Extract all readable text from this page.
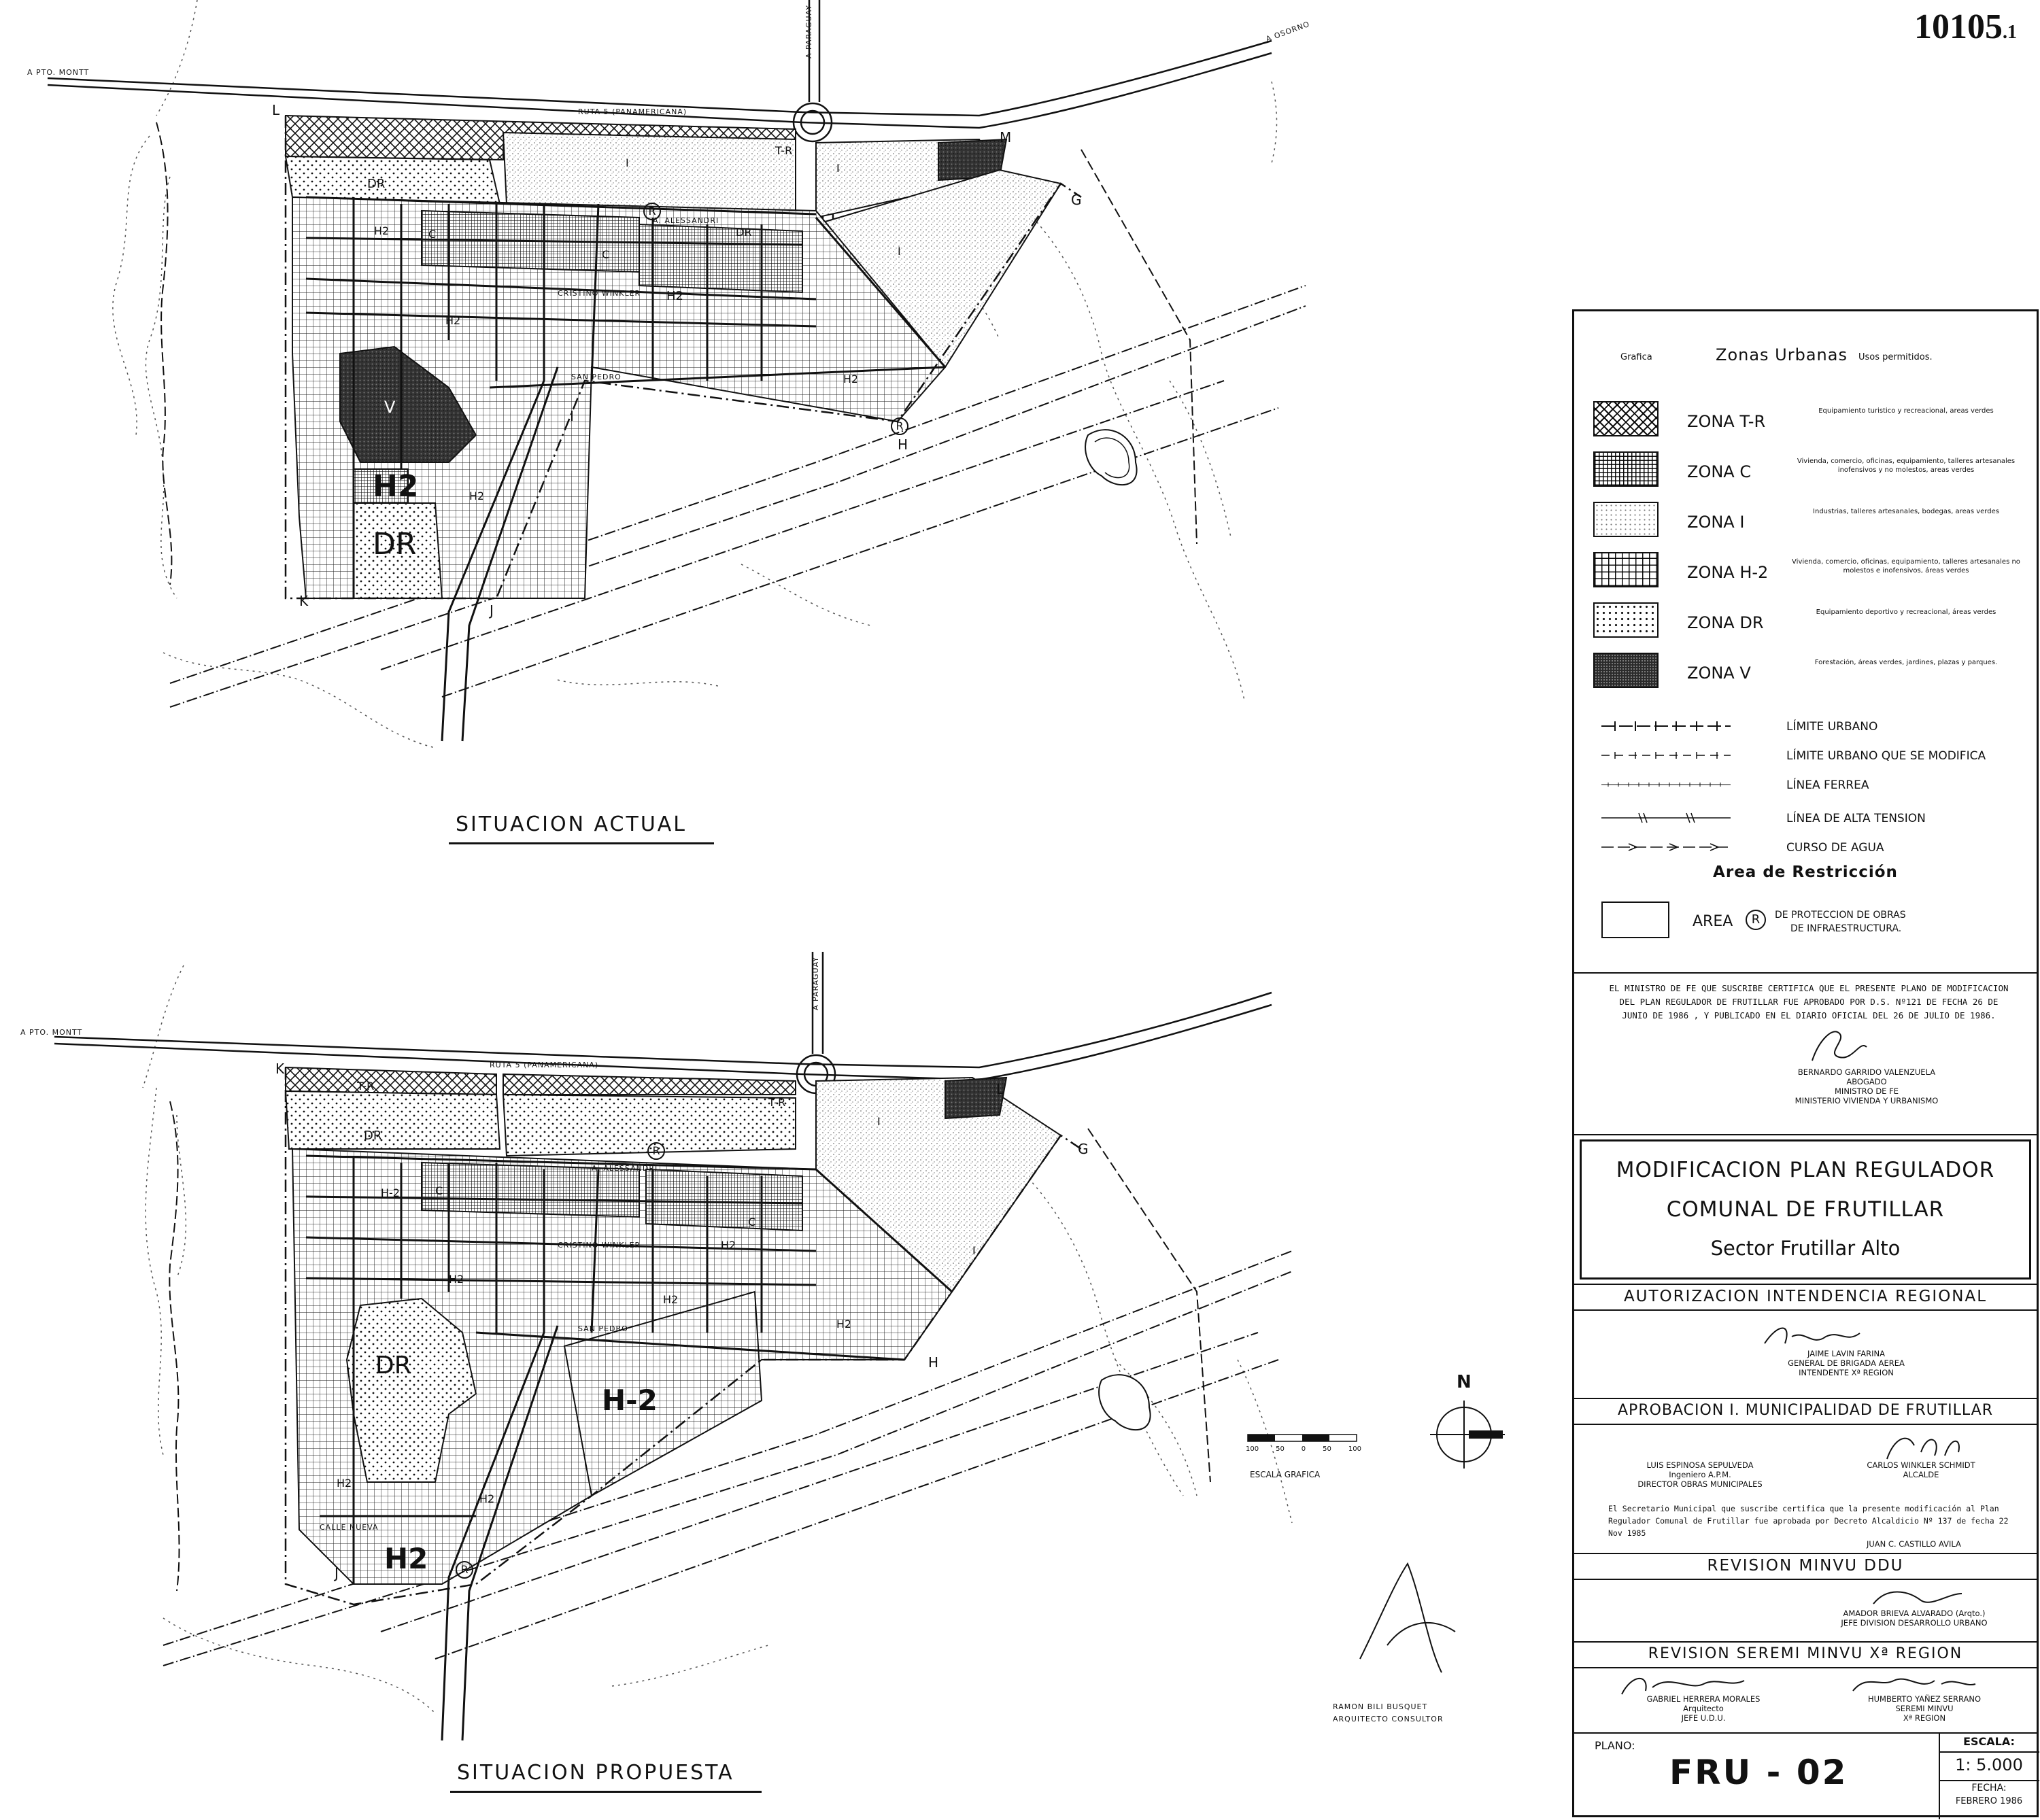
10105.1
A PTO. MONTT
A OSORNO
A PARAGUAY
RUTA 5 (PANAMERICANA)
A. ALESSANDRI
CRISTINO WINKLER
SAN PEDRO
L
M
G
H
K
J
I
T-R
I	I
I
DR
DR
H2
H2
H2
H2
H2
C
C
V
H2
DR
R
R
SITUACION ACTUAL
A PTO. MONTT
A PARAGUAY
RUTA 5 (PANAMERICANA)
A. ALESSANDRI
CRISTINO WINKLER
SAN PEDRO
CALLE NUEVA
K
L
G
H
J
T-R
T-R
I
I
DR
H-2
H2
H2
H2
H2
H2
H2
C
C
DR
H-2
H2
R
R
SITUACION PROPUESTA
N
100 50 0 50 100
ESCALA GRAFICA
RAMON BILI BUSQUET
ARQUITECTO CONSULTOR
Grafica	Zonas Urbanas Usos permitidos.
ZONA T-R
Equipamiento turistico y recreacional, areas verdes
ZONA C
Vivienda, comercio, oficinas, equipamiento, talleres artesanales inofensivos y no molestos, areas verdes
ZONA I
Industrias, talleres artesanales, bodegas, areas verdes
ZONA H-2
Vivienda, comercio, oficinas, equipamiento, talleres artesanales no molestos e inofensivos, áreas verdes
ZONA DR
Equipamiento deportivo y recreacional, áreas verdes
ZONA V
Forestación, áreas verdes, jardines, plazas y parques.
LÍMITE URBANO
LÍMITE URBANO QUE SE MODIFICA
LÍNEA FERREA
LÍNEA DE ALTA TENSION
CURSO DE AGUA
Area de Restricción
AREA	R	DE PROTECCION DE OBRAS
DE INFRAESTRUCTURA.
EL MINISTRO DE FE QUE SUSCRIBE CERTIFICA QUE EL PRESENTE PLANO DE MODIFICACION DEL PLAN REGULADOR DE FRUTILLAR FUE APROBADO POR D.S. Nº121 DE FECHA 26 DE JUNIO DE 1986 , Y PUBLICADO EN EL DIARIO OFICIAL DEL 26 DE JULIO DE 1986.
BERNARDO GARRIDO VALENZUELA
ABOGADO
MINISTRO DE FE
MINISTERIO VIVIENDA Y URBANISMO
MODIFICACION PLAN REGULADOR
COMUNAL DE FRUTILLAR
Sector Frutillar Alto
AUTORIZACION INTENDENCIA REGIONAL
JAIME LAVIN FARINA
GENERAL DE BRIGADA AEREA
INTENDENTE Xª REGION
APROBACION I. MUNICIPALIDAD DE FRUTILLAR
LUIS ESPINOSA SEPULVEDA
Ingeniero A.P.M.
DIRECTOR OBRAS MUNICIPALES
CARLOS WINKLER SCHMIDT
ALCALDE
El Secretario Municipal que suscribe certifica que la presente modificación al Plan Regulador Comunal de Frutillar fue aprobada por Decreto Alcaldicio Nº 137 de fecha 22 Nov 1985
JUAN C. CASTILLO AVILA
REVISION MINVU DDU
AMADOR BRIEVA ALVARADO (Arqto.)
JEFE DIVISION DESARROLLO URBANO
REVISION SEREMI MINVU Xª REGION
GABRIEL HERRERA MORALES
Arquitecto
JEFE U.D.U.
HUMBERTO YAÑEZ SERRANO
SEREMI MINVU
Xª REGION
PLANO:
FRU - 02
ESCALA:
1: 5.000
FECHA:
FEBRERO 1986
